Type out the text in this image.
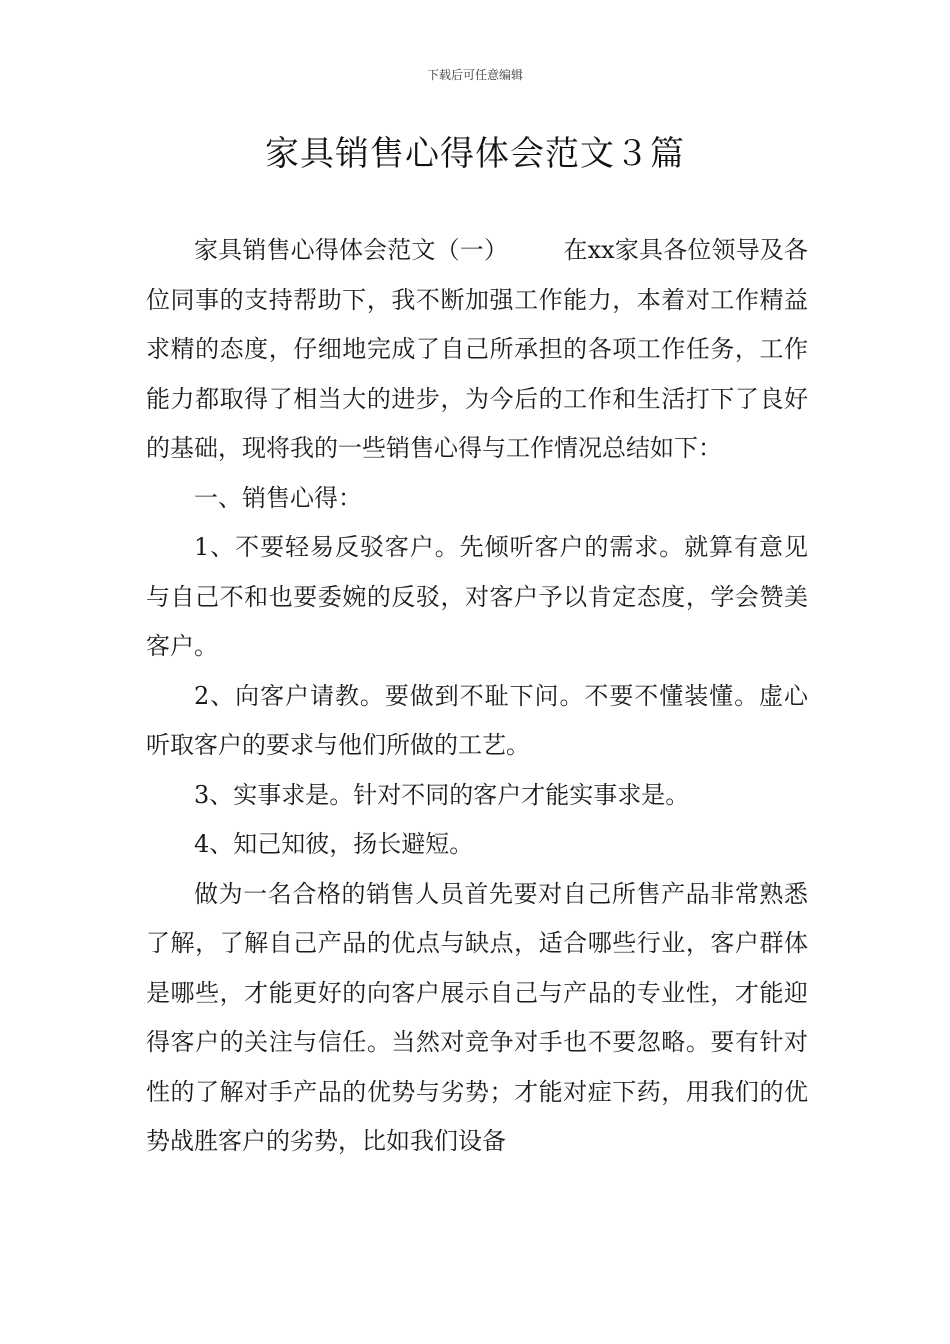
下载后可任意编辑
家具销售心得体会范文３篇

家具销售心得体会范文（一） 在xx家具各位领导及各位同事的支持帮助下，我不断加强工作能力，本着对工作精益求精的态度，仔细地完成了自己所承担的各项工作任务，工作能力都取得了相当大的进步，为今后的工作和生活打下了良好的基础，现将我的一些销售心得与工作情况总结如下：

一、销售心得：

1、不要轻易反驳客户。先倾听客户的需求。就算有意见与自己不和也要委婉的反驳，对客户予以肯定态度，学会赞美客户。

2、向客户请教。要做到不耻下问。不要不懂装懂。虚心听取客户的要求与他们所做的工艺。

3、实事求是。针对不同的客户才能实事求是。

4、知己知彼，扬长避短。

做为一名合格的销售人员首先要对自己所售产品非常熟悉了解，了解自己产品的优点与缺点，适合哪些行业，客户群体是哪些，才能更好的向客户展示自己与产品的专业性，才能迎得客户的关注与信任。当然对竞争对手也不要忽略。要有针对性的了解对手产品的优势与劣势；才能对症下药，用我们的优势战胜客户的劣势，比如我们设备
